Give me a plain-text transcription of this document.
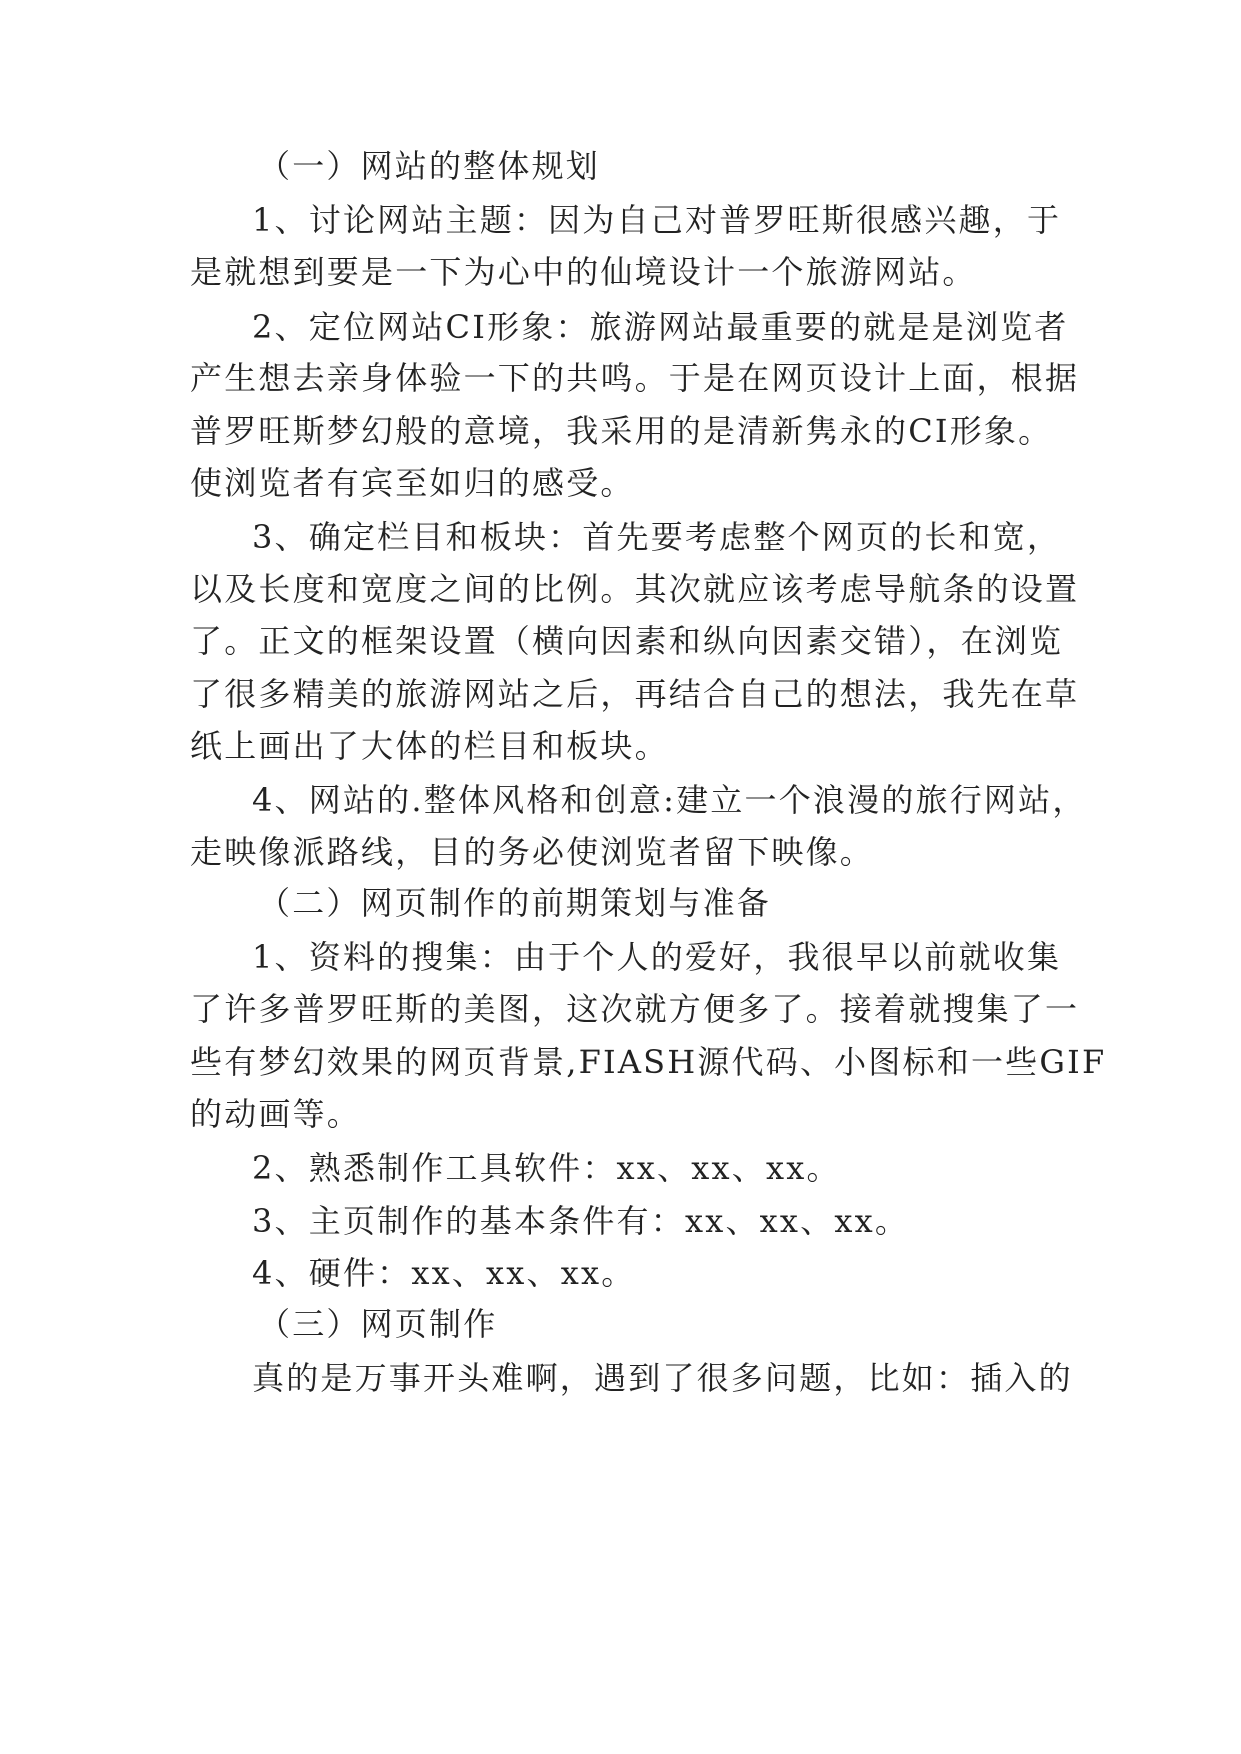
（一）网站的整体规划
1、讨论网站主题：因为自己对普罗旺斯很感兴趣，于
是就想到要是一下为心中的仙境设计一个旅游网站。
2、定位网站CI形象：旅游网站最重要的就是是浏览者
产生想去亲身体验一下的共鸣。于是在网页设计上面，根据
普罗旺斯梦幻般的意境，我采用的是清新隽永的CI形象。
使浏览者有宾至如归的感受。
3、确定栏目和板块：首先要考虑整个网页的长和宽，
以及长度和宽度之间的比例。其次就应该考虑导航条的设置
了。正文的框架设置（横向因素和纵向因素交错），在浏览
了很多精美的旅游网站之后，再结合自己的想法，我先在草
纸上画出了大体的栏目和板块。
4、网站的.整体风格和创意:建立一个浪漫的旅行网站，
走映像派路线，目的务必使浏览者留下映像。
（二）网页制作的前期策划与准备
1、资料的搜集：由于个人的爱好，我很早以前就收集
了许多普罗旺斯的美图，这次就方便多了。接着就搜集了一
些有梦幻效果的网页背景,FIASH源代码、小图标和一些GIF
的动画等。
2、熟悉制作工具软件：xx、xx、xx。
3、主页制作的基本条件有：xx、xx、xx。
4、硬件：xx、xx、xx。
（三）网页制作
真的是万事开头难啊，遇到了很多问题，比如：插入的
